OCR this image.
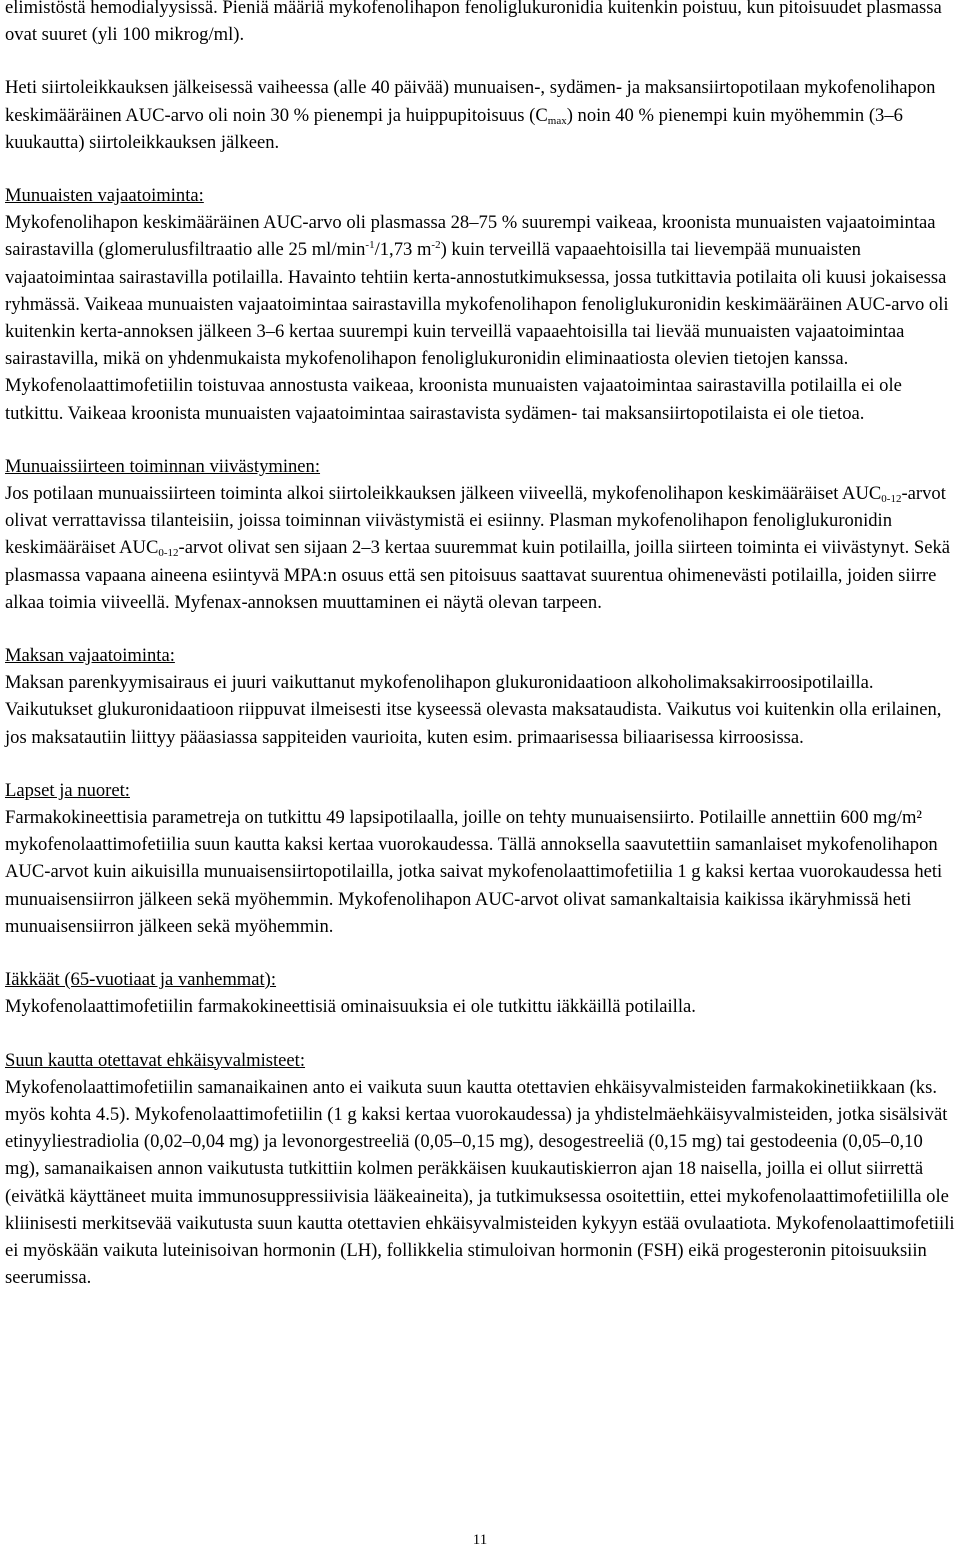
elimistöstä hemodialyysissä. Pieniä määriä mykofenolihapon fenoliglukuronidia kuitenkin poistuu, kun pitoisuudet plasmassa ovat suuret (yli 100 mikrog/ml).

Heti siirtoleikkauksen jälkeisessä vaiheessa (alle 40 päivää) munuaisen-, sydämen- ja maksansiirtopotilaan mykofenolihapon keskimääräinen AUC-arvo oli noin 30 % pienempi ja huippupitoisuus $(C_{max})$ noin 40 % pienempi kuin myöhemmin (3–6 kuukautta) siirtoleikkauksen jälkeen.

Munuaisten vajaatoiminta:

Mykofenolihapon keskimääräinen AUC-arvo oli plasmassa 28–75 % suurempi vaikeaa, kroonista munuaisten vajaatoimintaa sairastavilla (glomerulusfiltraatio alle 25 $ml/\min^{-1}/1,73$ $m^{-2}$) kuin terveillä vapaaehtoisilla tai lievempää munuaisten vajaatoimintaa sairastavilla potilailla. Havainto tehtiin kerta-annostutkimuksessa, jossa tutkittavia potilaita oli kuusi jokaisessa ryhmässä. Vaikeaa munuaisten vajaatoimintaa sairastavilla mykofenolihapon fenoliglukuronidin keskimääräinen AUC-arvo oli kuitenkin kerta-annoksen jälkeen 3–6 kertaa suurempi kuin terveillä vapaaehtoisilla tai lievää munuaisten vajaatoimintaa sairastavilla, mikä on yhdenmukaista mykofenolihapon fenoliglukuronidin eliminaatiosta olevien tietojen kanssa. Mykofenolaattimofetiilin toistuvaa annostusta vaikeaa, kroonista munuaisten vajaatoimintaa sairastavilla potilailla ei ole tutkittu. Vaikeaa kroonista munuaisten vajaatoimintaa sairastavista sydämen- tai maksansiirtopotilaista ei ole tietoa.

Munuaissiirteen toiminnan viivästyminen:

Jos potilaan munuaissiirteen toiminta alkoi siirtoleikkauksen jälkeen viiveellä, mykofenolihapon keskimääräiset $AUC_{0-12}$-arvot olivat verrattavissa tilanteisiin, joissa toiminnan viivästymistä ei esiinny. Plasman mykofenolihapon fenoliglukuronidin keskimääräiset $AUC_{0-12}$-arvot olivat sen sijaan 2–3 kertaa suuremmat kuin potilailla, joilla siirteen toiminta ei viivästynyt. Sekä plasmassa vapaana aineena esiintyvä MPA:n osuus että sen pitoisuus saattavat suurentua ohimenevästi potilailla, joiden siirre alkaa toimia viiveellä. Myfenax-annoksen muuttaminen ei näytä olevan tarpeen.

Maksan vajaatoiminta:

Maksan parenkyymisairaus ei juuri vaikuttanut mykofenolihapon glukuronidaatioon alkoholimaksakirroosipotilailla. Vaikutukset glukuronidaatioon riippuvat ilmeisesti itse kyseessä olevasta maksataudista. Vaikutus voi kuitenkin olla erilainen, jos maksatautiin liittyy pääasiassa sappiteiden vaurioita, kuten esim. primaarisessa biliaarisessa kirroosissa.

Lapset ja nuoret:

Farmakokineettisia parametreja on tutkittu 49 lapsipotilaalla, joille on tehty munuaisensiirto. Potilaille annettiin 600 mg/m² mykofenolaattimofetiilia suun kautta kaksi kertaa vuorokaudessa. Tällä annoksella saavutettiin samanlaiset mykofenolihapon AUC-arvot kuin aikuisilla munuaisensiirtopotilailla, jotka saivat mykofenolaattimofetiilia 1 g kaksi kertaa vuorokaudessa heti munuaisensiirron jälkeen sekä myöhemmin. Mykofenolihapon AUC-arvot olivat samankaltaisia kaikissa ikäryhmissä heti munuaisensiirron jälkeen sekä myöhemmin.

Iäkkäät (65-vuotiaat ja vanhemmat):

Mykofenolaattimofetiilin farmakokineettisiä ominaisuuksia ei ole tutkittu iäkkäillä potilailla.

Suun kautta otettavat ehkäisyvalmisteet:

Mykofenolaattimofetiilin samanaikainen anto ei vaikuta suun kautta otettavien ehkäisyvalmisteiden farmakokinetiikkaan (ks. myös kohta 4.5). Mykofenolaattimofetiilin (1 g kaksi kertaa vuorokaudessa) ja yhdistelmäehkäisyvalmisteiden, jotka sisälsivät etinyyliestradiolia (0,02–0,04 mg) ja levonorgestreeliä (0,05–0,15 mg), desogestreeliä (0,15 mg) tai gestodeenia (0,05–0,10 mg), samanaikaisen annon vaikutusta tutkittiin kolmen peräkkäisen kuukautiskierron ajan 18 naisella, joilla ei ollut siirrettä (eivätkä käyttäneet muita immunosuppressiivisia lääkeaineita), ja tutkimuksessa osoitettiin, ettei mykofenolaattimofetiililla ole kliinisesti merkitsevää vaikutusta suun kautta otettavien ehkäisyvalmisteiden kykyyn estää ovulaatiota. Mykofenolaattimofetiili ei myöskään vaikuta luteinisoivan hormonin (LH), follikkelia stimuloivan hormonin (FSH) eikä progesteronin pitoisuuksiin seerumissa.

11
